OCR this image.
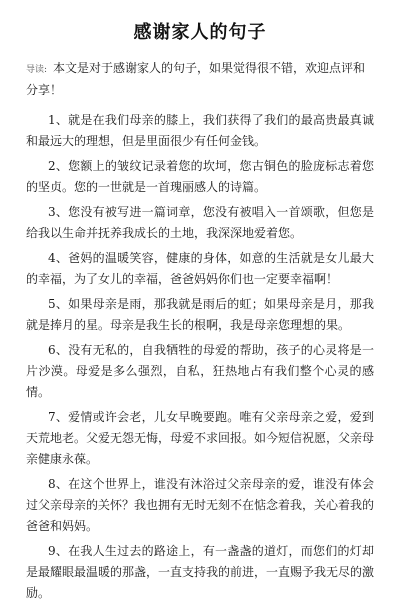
感谢家人的句子

导读: 本文是对于感谢家人的句子，如果觉得很不错，欢迎点评和分享！

1、就是在我们母亲的膝上，我们获得了我们的最高贵最真诚和最远大的理想，但是里面很少有任何金钱。

2、您额上的皱纹记录着您的坎坷，您古铜色的脸庞标志着您的坚贞。您的一世就是一首瑰丽感人的诗篇。

3、您没有被写进一篇词章，您没有被唱入一首颂歌，但您是给我以生命并抚养我成长的土地，我深深地爱着您。

4、爸妈的温暖笑容，健康的身体，如意的生活就是女儿最大的幸福，为了女儿的幸福，爸爸妈妈你们也一定要幸福啊！

5、如果母亲是雨，那我就是雨后的虹；如果母亲是月，那我就是捧月的星。母亲是我生长的根啊，我是母亲您理想的果。

6、没有无私的，自我牺牲的母爱的帮助，孩子的心灵将是一片沙漠。母爱是多么强烈，自私，狂热地占有我们整个心灵的感情。

7、爱情或许会老，儿女早晚要跑。唯有父亲母亲之爱，爱到天荒地老。父爱无怨无悔，母爱不求回报。如今短信祝愿，父亲母亲健康永葆。

8、在这个世界上，谁没有沐浴过父亲母亲的爱，谁没有体会过父亲母亲的关怀？我也拥有无时无刻不在惦念着我，关心着我的爸爸和妈妈。

9、在我人生过去的路途上，有一盏盏的道灯，而您们的灯却是最耀眼最温暖的那盏，一直支持我的前进，一直赐予我无尽的激励。
